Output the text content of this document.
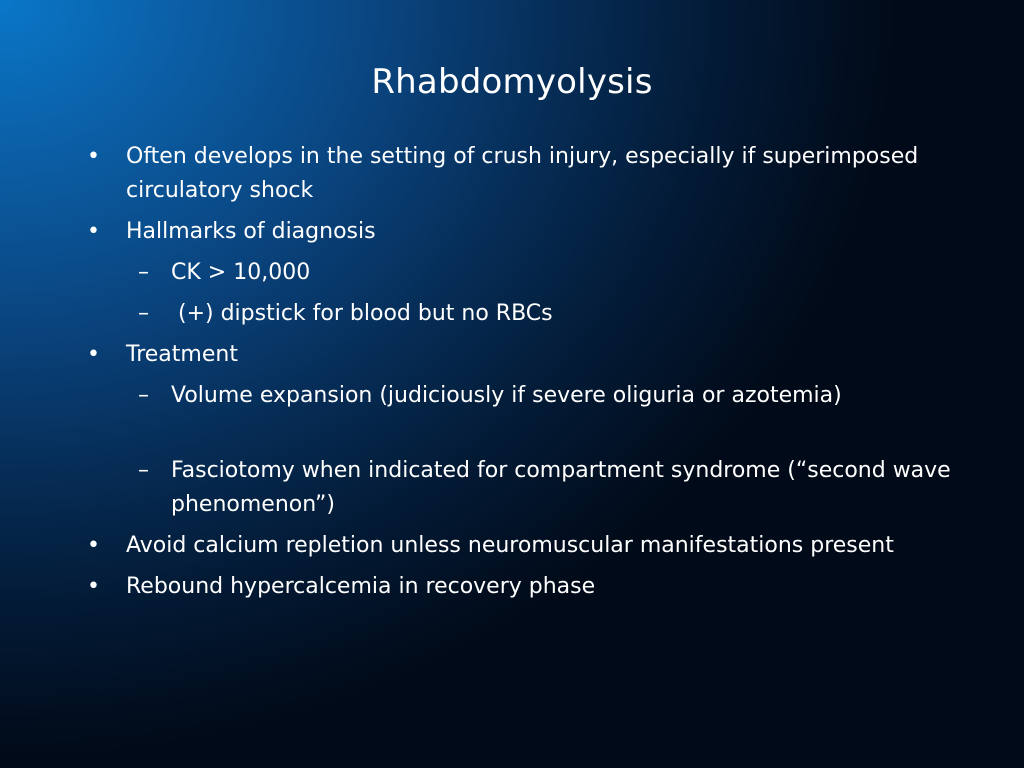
Rhabdomyolysis
• Often develops in the setting of crush injury, especially if superimposed circulatory shock
• Hallmarks of diagnosis
– CK > 10,000
– (+) dipstick for blood but no RBCs
• Treatment
– Volume expansion (judiciously if severe oliguria or azotemia)
– Fasciotomy when indicated for compartment syndrome (“second wave phenomenon”)
• Avoid calcium repletion unless neuromuscular manifestations present
• Rebound hypercalcemia in recovery phase
